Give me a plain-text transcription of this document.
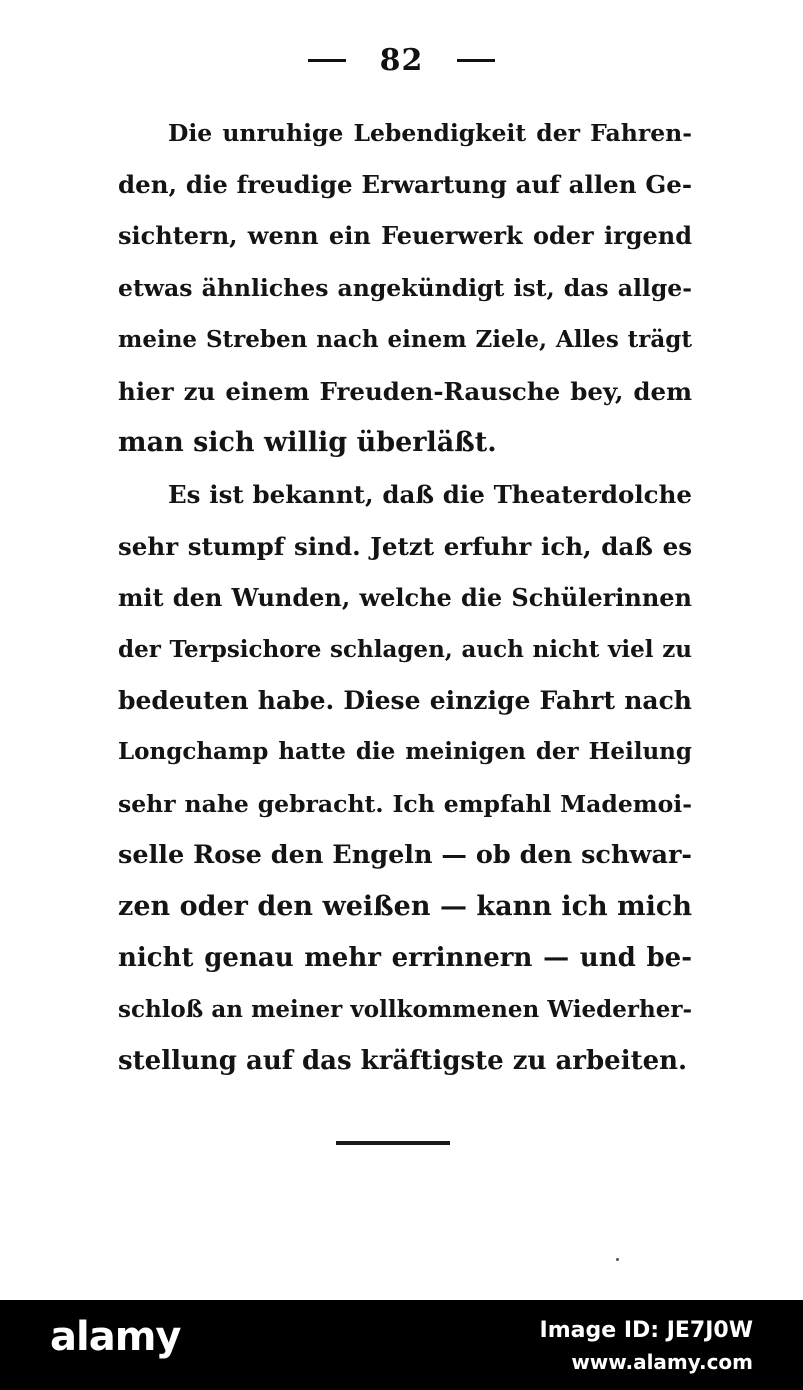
82
Die unruhige Lebendigkeit der Fahren-
den, die freudige Erwartung auf allen Ge-
sichtern, wenn ein Feuerwerk oder irgend
etwas ähnliches angekündigt ist, das allge-
meine Streben nach einem Ziele, Alles trägt
hier zu einem Freuden-Rausche bey, dem
man sich willig überläßt.
Es ist bekannt, daß die Theaterdolche
sehr stumpf sind. Jetzt erfuhr ich, daß es
mit den Wunden, welche die Schülerinnen
der Terpsichore schlagen, auch nicht viel zu
bedeuten habe. Diese einzige Fahrt nach
Longchamp hatte die meinigen der Heilung
sehr nahe gebracht. Ich empfahl Mademoi-
selle Rose den Engeln — ob den schwar-
zen oder den weißen — kann ich mich
nicht genau mehr errinnern — und be-
schloß an meiner vollkommenen Wiederher-
stellung auf das kräftigste zu arbeiten.
alamy	Image ID: JE7J0W
www.alamy.com
